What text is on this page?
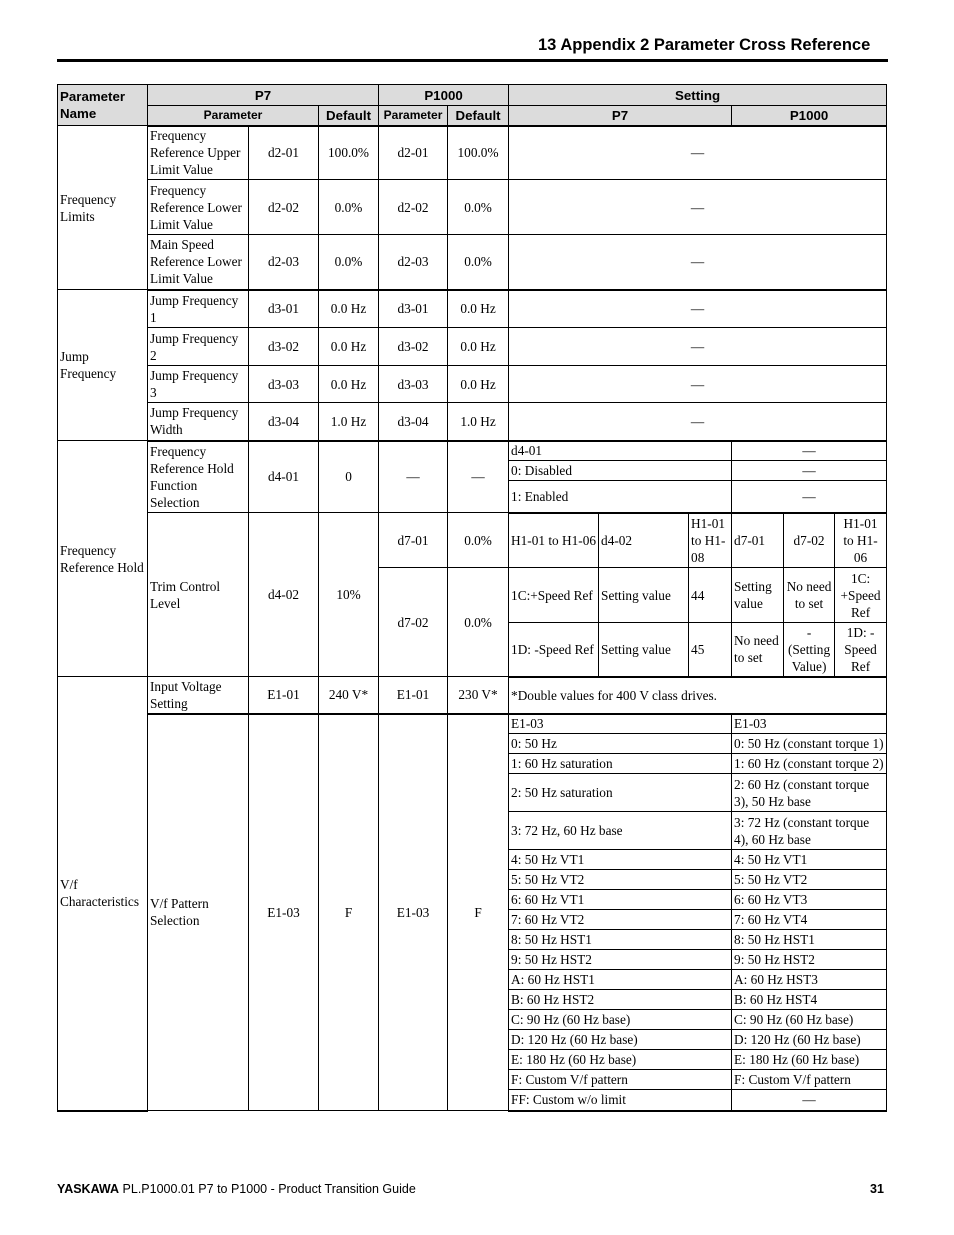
13 Appendix 2 Parameter Cross Reference
Parameter Name	P7			P1000		Setting					
	Parameter		Default	Parameter	Default	P7			P1000		
Frequency Limits	Frequency Reference Upper Limit Value	d2-01	100.0%	d2-01	100.0%	—					
	Frequency Reference Lower Limit Value	d2-02	0.0%	d2-02	0.0%	—					
	Main Speed Reference Lower Limit Value	d2-03	0.0%	d2-03	0.0%	—					
Jump Frequency	Jump Frequency 1	d3-01	0.0 Hz	d3-01	0.0 Hz	—					
	Jump Frequency 2	d3-02	0.0 Hz	d3-02	0.0 Hz	—					
	Jump Frequency 3	d3-03	0.0 Hz	d3-03	0.0 Hz	—					
	Jump Frequency Width	d3-04	1.0 Hz	d3-04	1.0 Hz	—					
Frequency Reference Hold	Frequency Reference Hold Function Selection	d4-01	0	—	—	d4-01			—		
						0: Disabled			—		
						1: Enabled			—		
	Trim Control Level	d4-02	10%	d7-01	0.0%	H1-01 to H1-06	d4-02	H1-01 to H1-08	d7-01	d7-02	H1-01 to H1-06
				d7-02	0.0%	1C:+Speed Ref	Setting value	44	Setting value	No need to set	1C: +Speed Ref
						1D: -Speed Ref	Setting value	45	No need to set	- (Setting Value)	1D: -Speed Ref
V/f Characteristics	Input Voltage Setting	E1-01	240 V*	E1-01	230 V*	*Double values for 400 V class drives.					
	V/f Pattern Selection	E1-03	F	E1-03	F	E1-03			E1-03		
						0: 50 Hz			0: 50 Hz (constant torque 1)		
						1: 60 Hz saturation			1: 60 Hz (constant torque 2)		
						2: 50 Hz saturation			2: 60 Hz (constant torque 3), 50 Hz base		
						3: 72 Hz, 60 Hz base			3: 72 Hz (constant torque 4), 60 Hz base		
						4: 50 Hz VT1			4: 50 Hz VT1		
						5: 50 Hz VT2			5: 50 Hz VT2		
						6: 60 Hz VT1			6: 60 Hz VT3		
						7: 60 Hz VT2			7: 60 Hz VT4		
						8: 50 Hz HST1			8: 50 Hz HST1		
						9: 50 Hz HST2			9: 50 Hz HST2		
						A: 60 Hz HST1			A: 60 Hz HST3		
						B: 60 Hz HST2			B: 60 Hz HST4		
						C: 90 Hz (60 Hz base)			C: 90 Hz (60 Hz base)		
						D: 120 Hz (60 Hz base)			D: 120 Hz (60 Hz base)		
						E: 180 Hz (60 Hz base)			E: 180 Hz (60 Hz base)		
						F: Custom V/f pattern			F: Custom V/f pattern		
						FF: Custom w/o limit			—		
YASKAWA PL.P1000.01 P7 to P1000 - Product Transition Guide	31
